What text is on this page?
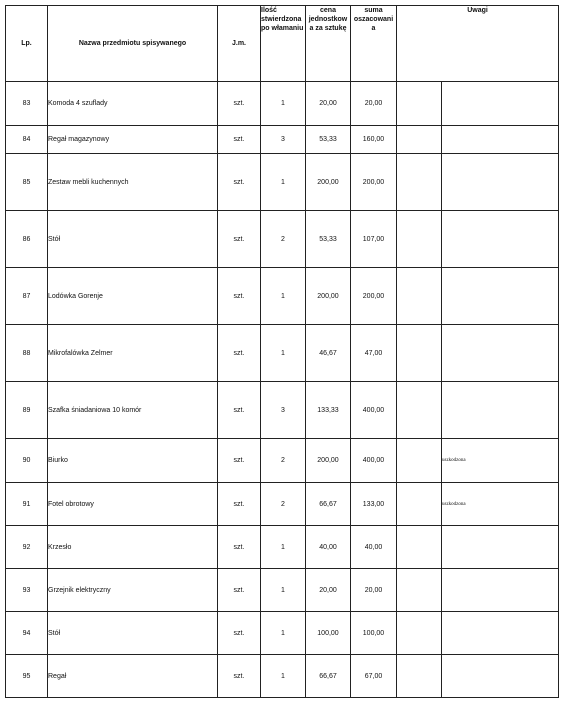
Lp.	Nazwa przedmiotu spisywanego	J.m.	Ilość stwierdzona po włamaniu	cena jednostkow a za sztukę	suma oszacowani a	Uwagi	
83	Komoda 4 szuflady	szt.	1	20,00	20,00		
84	Regał magazynowy	szt.	3	53,33	160,00		
85	Zestaw mebli kuchennych	szt.	1	200,00	200,00		
86	Stół	szt.	2	53,33	107,00		
87	Lodówka Gorenje	szt.	1	200,00	200,00		
88	Mikrofalówka Zelmer	szt.	1	46,67	47,00		
89	Szafka śniadaniowa 10 komór	szt.	3	133,33	400,00		
90	Biurko	szt.	2	200,00	400,00		uszkodzona
91	Fotel obrotowy	szt.	2	66,67	133,00		uszkodzona
92	Krzesło	szt.	1	40,00	40,00		
93	Grzejnik elektryczny	szt.	1	20,00	20,00		
94	Stół	szt.	1	100,00	100,00		
95	Regał	szt.	1	66,67	67,00		
